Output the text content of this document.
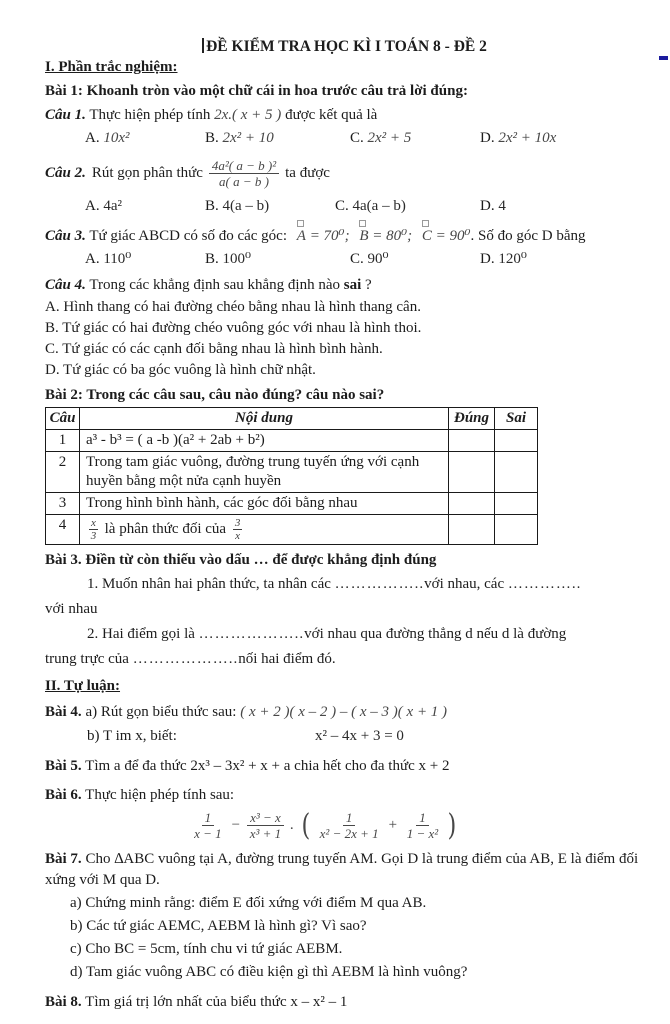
ĐỀ KIỂM TRA HỌC KÌ I TOÁN 8 - ĐỀ 2
I. Phần trắc nghiệm:
Bài 1: Khoanh tròn vào một chữ cái in hoa trước câu trả lời đúng:
Câu 1. Thực hiện phép tính 2x.( x + 5 ) được kết quả là
A. 10x²	B. 2x² + 10	C. 2x² + 5	D. 2x² + 10x
Câu 2. Rút gọn phân thức $\frac{\text{4a²( a − b )²}}{a( a - b )}$ ta được
A. 4a²	B. 4(a – b)	C. 4a(a – b)	D. 4
Câu 3. Tứ giác ABCD có số đo các góc: A = 70⁰; B = 80⁰; C = 90⁰. Số đo góc D bằng
A. 110⁰	B. 100⁰	C. 90⁰	D. 120⁰
Câu 4. Trong các khẳng định sau khẳng định nào sai ?
A. Hình thang có hai đường chéo bằng nhau là hình thang cân.
B. Tứ giác có hai đường chéo vuông góc với nhau là hình thoi.
C. Tứ giác có các cạnh đối bằng nhau là hình bình hành.
D. Tứ giác có ba góc vuông là hình chữ nhật.
Bài 2: Trong các câu sau, câu nào đúng? câu nào sai?
Câu	Nội dung	Đúng	Sai
1	a³ - b³ = ( a -b )(a² + 2ab + b²)		
2	Trong tam giác vuông, đường trung tuyến ứng với cạnh huyền bằng một nửa cạnh huyền		
3	Trong hình bình hành, các góc đối bằng nhau		
4	$\frac{x}{3}$ là phân thức đối của $\frac{3}{x}$

Bài 3. Điền từ còn thiếu vào dấu … để được khẳng định đúng
1. Muốn nhân hai phân thức, ta nhân các ……………..với nhau, các …………..
với nhau
2. Hai điểm gọi là ………………..với nhau qua đường thẳng d nếu d là đường
trung trực của ………………..nối hai điểm đó.
II. Tự luận:
Bài 4. a) Rút gọn biểu thức sau: ( x + 2 )( x – 2 ) – ( x – 3 )( x + 1 )
b) T im x, biết:	x² – 4x + 3 = 0
Bài 5. Tìm a để đa thức 2x³ – 3x² + x + a chia hết cho đa thức x + 2
Bài 6. Thực hiện phép tính sau:
$\frac{1}{x - 1} - \frac{\text{x³ − x}}{\text{x³ + 1}}$ . ( $\frac{1}{\text{x² − 2x + 1}} + \frac{1}{\text{1 − x²}}$ )
Bài 7. Cho ∆ABC vuông tại A, đường trung tuyến AM. Gọi D là trung điểm của AB, E là điểm đối xứng với M qua D.
a) Chứng minh rằng: điểm E đối xứng với điểm M qua AB.
b) Các tứ giác AEMC, AEBM là hình gì? Vì sao?
c) Cho BC = 5cm, tính chu vi tứ giác AEBM.
d) Tam giác vuông ABC có điều kiện gì thì AEBM là hình vuông?
Bài 8. Tìm giá trị lớn nhất của biểu thức x – x² – 1
